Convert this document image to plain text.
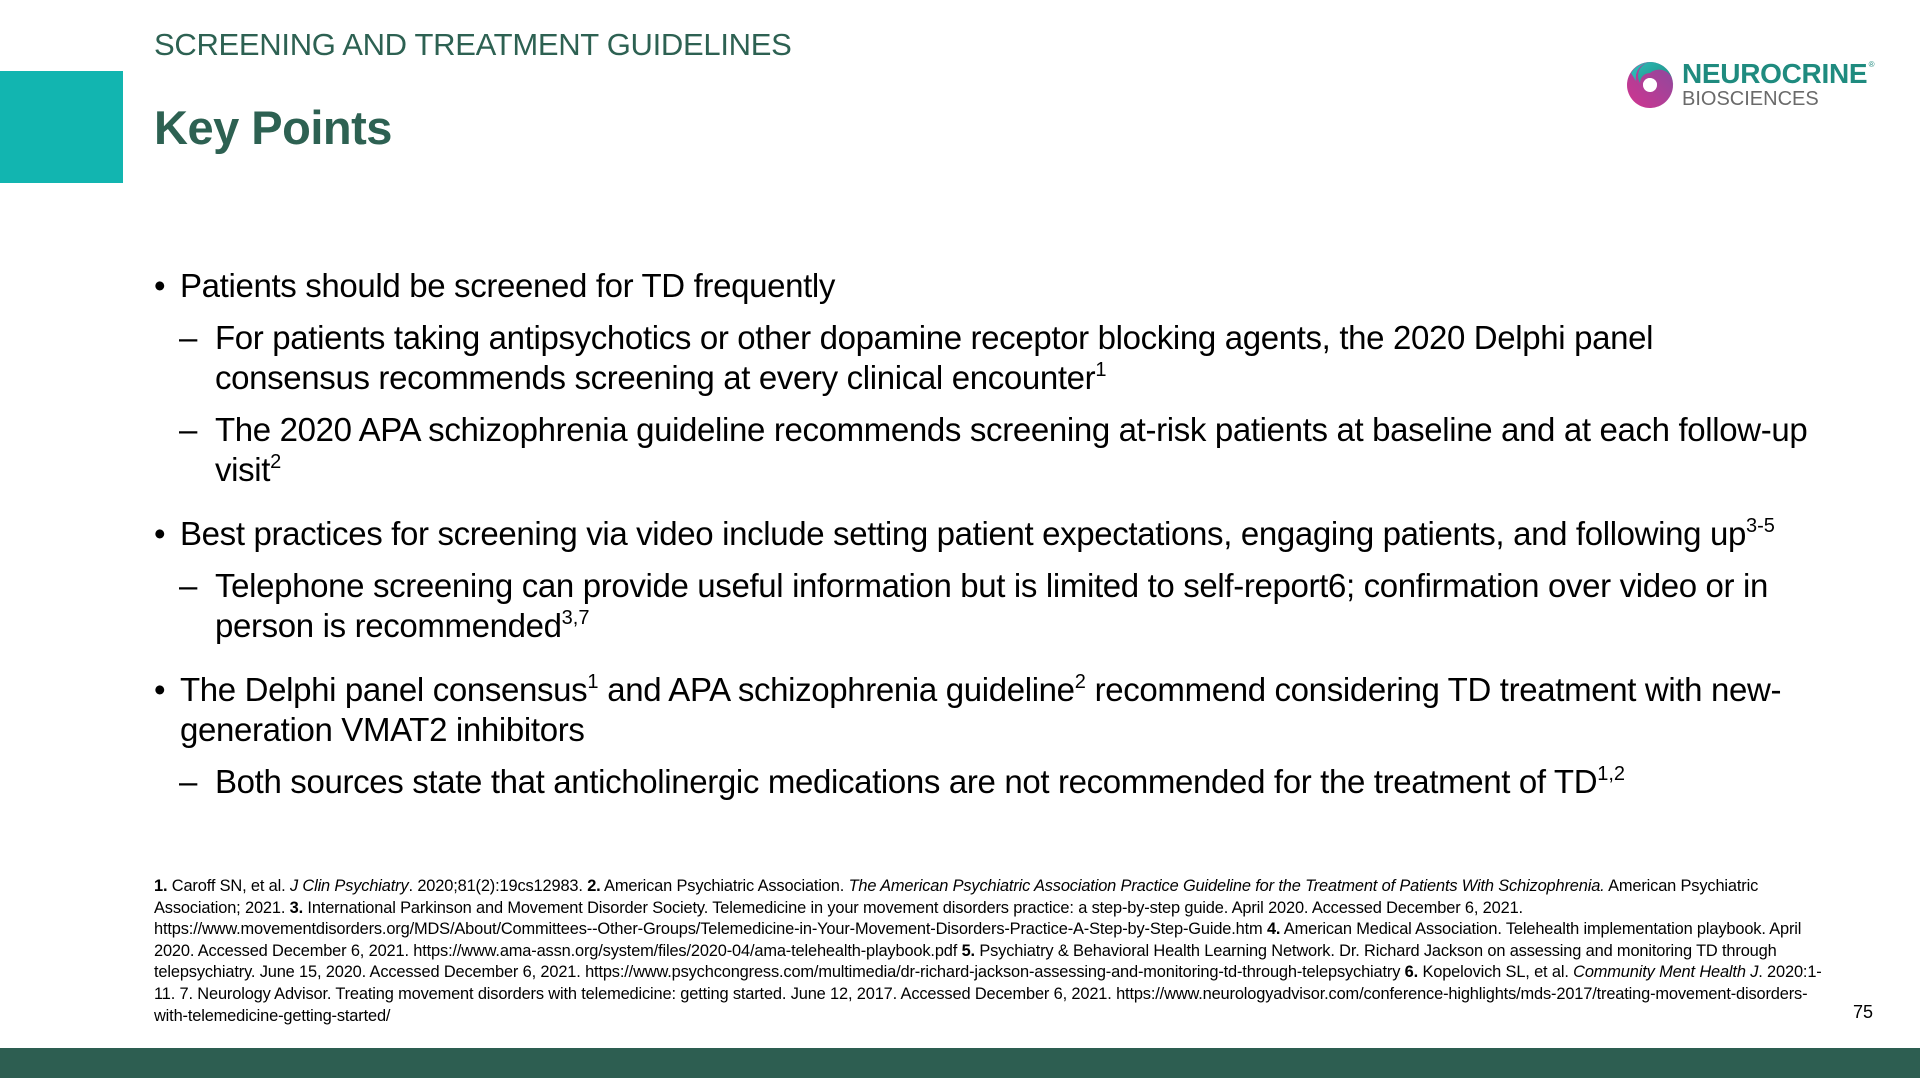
SCREENING AND TREATMENT GUIDELINES
Key Points
NEUROCRINE ®
BIOSCIENCES
• Patients should be screened for TD frequently
– For patients taking antipsychotics or other dopamine receptor blocking agents, the 2020 Delphi panel consensus recommends screening at every clinical encounter$^1$
– The 2020 APA schizophrenia guideline recommends screening at-risk patients at baseline and at each follow-up visit$^2$
• Best practices for screening via video include setting patient expectations, engaging patients, and following up$^{3-5}$
– Telephone screening can provide useful information but is limited to self-report6; confirmation over video or in person is recommended$^{3,7}$
• The Delphi panel consensus$^1$ and APA schizophrenia guideline$^2$ recommend considering TD treatment with new-generation VMAT2 inhibitors
– Both sources state that anticholinergic medications are not recommended for the treatment of TD$^{1,2}$
1. Caroff SN, et al. J Clin Psychiatry. 2020;81(2):19cs12983. 2. American Psychiatric Association. The American Psychiatric Association Practice Guideline for the Treatment of Patients With Schizophrenia. American Psychiatric Association; 2021. 3. International Parkinson and Movement Disorder Society. Telemedicine in your movement disorders practice: a step-by-step guide. April 2020. Accessed December 6, 2021. https://www.movementdisorders.org/MDS/About/Committees--Other-Groups/Telemedicine-in-Your-Movement-Disorders-Practice-A-Step-by-Step-Guide.htm 4. American Medical Association. Telehealth implementation playbook. April 2020. Accessed December 6, 2021. https://www.ama-assn.org/system/files/2020-04/ama-telehealth-playbook.pdf 5. Psychiatry & Behavioral Health Learning Network. Dr. Richard Jackson on assessing and monitoring TD through telepsychiatry. June 15, 2020. Accessed December 6, 2021. https://www.psychcongress.com/multimedia/dr-richard-jackson-assessing-and-monitoring-td-through-telepsychiatry 6. Kopelovich SL, et al. Community Ment Health J. 2020:1-11. 7. Neurology Advisor. Treating movement disorders with telemedicine: getting started. June 12, 2017. Accessed December 6, 2021. https://www.neurologyadvisor.com/conference-highlights/mds-2017/treating-movement-disorders-with-telemedicine-getting-started/	75
